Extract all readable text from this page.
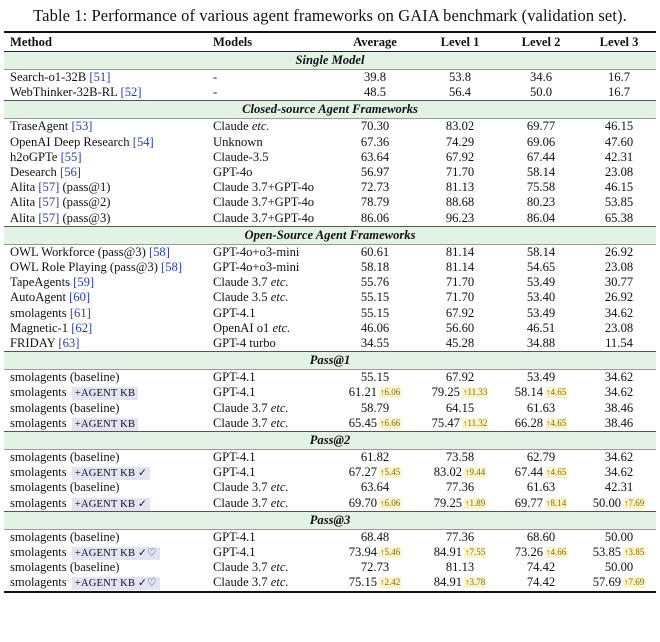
Table 1: Performance of various agent frameworks on GAIA benchmark (validation set).
Method	Models	Average	Level 1	Level 2	Level 3
Single Model					
Search-o1-32B [51]	-	39.8	53.8	34.6	16.7
WebThinker-32B-RL [52]	-	48.5	56.4	50.0	16.7
Closed-source Agent Frameworks					
TraseAgent [53]	Claude etc.	70.30	83.02	69.77	46.15
OpenAI Deep Research [54]	Unknown	67.36	74.29	69.06	47.60
h2oGPTe [55]	Claude-3.5	63.64	67.92	67.44	42.31
Desearch [56]	GPT-4o	56.97	71.70	58.14	23.08
Alita [57] (pass@1)	Claude 3.7+GPT-4o	72.73	81.13	75.58	46.15
Alita [57] (pass@2)	Claude 3.7+GPT-4o	78.79	88.68	80.23	53.85
Alita [57] (pass@3)	Claude 3.7+GPT-4o	86.06	96.23	86.04	65.38
Open-Source Agent Frameworks					
OWL Workforce (pass@3) [58]	GPT-4o+o3-mini	60.61	81.14	58.14	26.92
OWL Role Playing (pass@3) [58]	GPT-4o+o3-mini	58.18	81.14	54.65	23.08
TapeAgents [59]	Claude 3.7 etc.	55.76	71.70	53.49	30.77
AutoAgent [60]	Claude 3.5 etc.	55.15	71.70	53.40	26.92
smolagents [61]	GPT-4.1	55.15	67.92	53.49	34.62
Magnetic-1 [62]	OpenAI o1 etc.	46.06	56.60	46.51	23.08
FRIDAY [63]	GPT-4 turbo	34.55	45.28	34.88	11.54
Pass@1					
smolagents (baseline)	GPT-4.1	55.15	67.92	53.49	34.62
smolagents +AGENT KB	GPT-4.1	61.21 ↑6.06	79.25 ↑11.33	58.14 ↑4.65	34.62
smolagents (baseline)	Claude 3.7 etc.	58.79	64.15	61.63	38.46
smolagents +AGENT KB	Claude 3.7 etc.	65.45 ↑6.66	75.47 ↑11.32	66.28 ↑4.65	38.46
Pass@2					
smolagents (baseline)	GPT-4.1	61.82	73.58	62.79	34.62
smolagents +AGENT KB ✓	GPT-4.1	67.27 ↑5.45	83.02 ↑9.44	67.44 ↑4.65	34.62
smolagents (baseline)	Claude 3.7 etc.	63.64	77.36	61.63	42.31
smolagents +AGENT KB ✓	Claude 3.7 etc.	69.70 ↑6.06	79.25 ↑1.89	69.77 ↑8.14	50.00 ↑7.69
Pass@3					
smolagents (baseline)	GPT-4.1	68.48	77.36	68.60	50.00
smolagents +AGENT KB ✓♡	GPT-4.1	73.94 ↑5.46	84.91 ↑7.55	73.26 ↑4.66	53.85 ↑3.85
smolagents (baseline)	Claude 3.7 etc.	72.73	81.13	74.42	50.00
smolagents +AGENT KB ✓♡	Claude 3.7 etc.	75.15 ↑2.42	84.91 ↑3.78	74.42	57.69 ↑7.69
